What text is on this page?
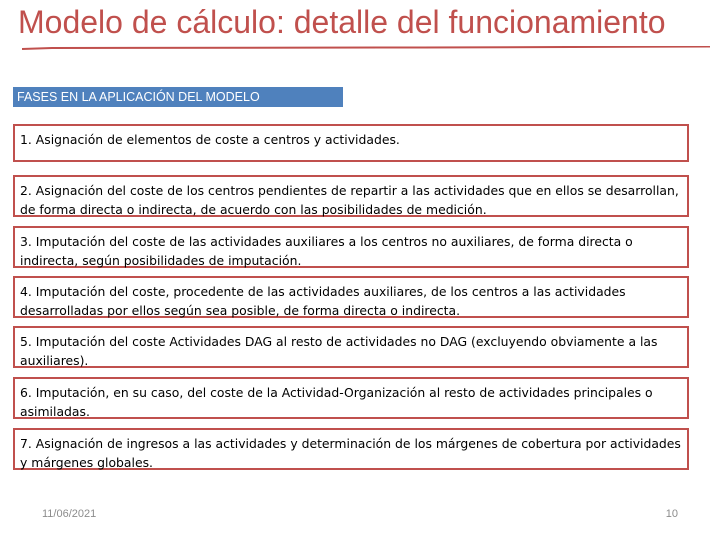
Modelo de cálculo: detalle del funcionamiento
FASES EN LA APLICACIÓN DEL MODELO
1. Asignación de elementos de coste a centros y actividades.
2. Asignación del coste de los centros pendientes de repartir a las actividades que en ellos se desarrollan, de forma directa o indirecta, de acuerdo con las posibilidades de medición.
3. Imputación del coste de las actividades auxiliares a los centros no auxiliares, de forma directa o indirecta, según posibilidades de imputación.
4. Imputación del coste, procedente de las actividades auxiliares, de los centros a las actividades desarrolladas por ellos según sea posible, de forma directa o indirecta.
5. Imputación del coste Actividades DAG al resto de actividades no DAG (excluyendo obviamente a las auxiliares).
6. Imputación, en su caso, del coste de la Actividad-Organización al resto de actividades principales o asimiladas.
7. Asignación de ingresos a las actividades y determinación de los márgenes de cobertura por actividades y márgenes globales.
11/06/2021	10
